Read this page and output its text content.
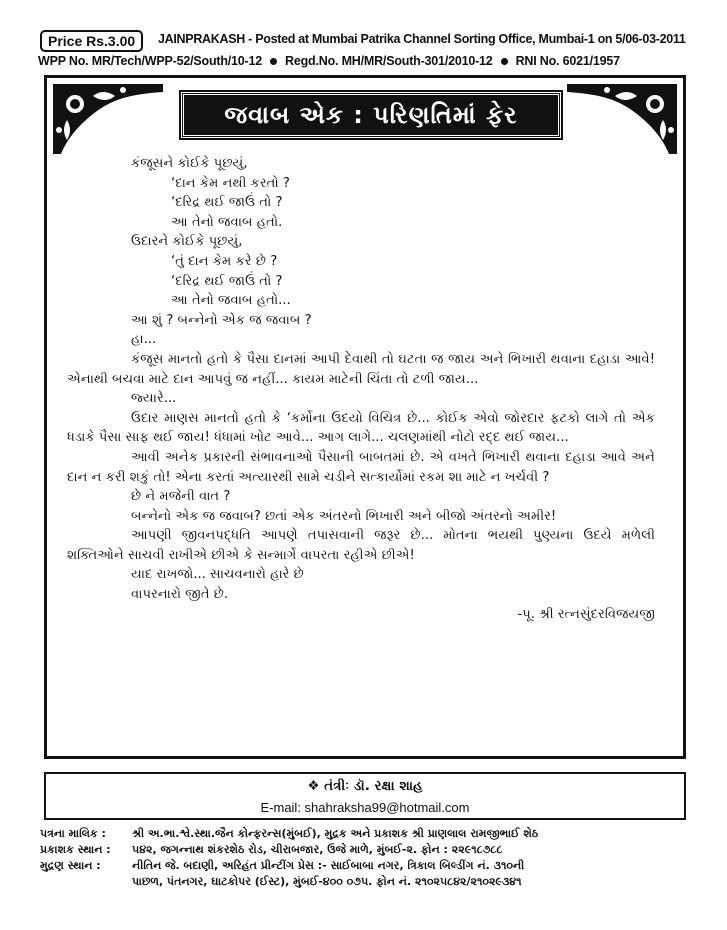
Price Rs.3.00	JAINPRAKASH - Posted at Mumbai Patrika Channel Sorting Office, Mumbai-1 on 5/06-03-2011
WPP No. MR/Tech/WPP-52/South/10-12 Regd.No. MH/MR/South-301/2010-12 RNI No. 6021/1957
જવાબ એક : પરિણતિમાં ફેર

કંજૂસને કોઈકે પૂછયું,

‘દાન કેમ નથી કરતો ?

‘દરિદ્ર થઈ જાઉં તો ?

આ તેનો જવાબ હતો.

ઉદારને કોઈકે પૂછયું,

‘તું દાન કેમ કરે છે ?

‘દરિદ્ર થઈ જાઉં તો ?

આ તેનો જવાબ હતો...

આ શું ? બન્નેનો એક જ જવાબ ?

હા...

કંજૂસ માનતો હતો કે પૈસા દાનમાં આપી દેવાથી તો ઘટતા જ જાય અને ભિખારી થવાના દહાડા આવે! એનાથી બચવા માટે દાન આપવું જ નહીં... કાયમ માટેની ચિંતા તો ટળી જાય...

જ્યારે...

ઉદાર માણસ માનતો હતો કે ‘કર્મોના ઉદયો વિચિત્ર છે... કોઈક એવો જોરદાર ફટકો લાગે તો એક ધડાકે પૈસા સાફ થઈ જાય! ધંધામાં ખોટ આવે... આગ લાગે... ચલણમાંથી નોટો રદ્દ થઈ જાય...

આવી અનેક પ્રકારની સંભાવનાઓ પૈસાની બાબતમાં છે. એ વખતે ભિખારી થવાના દહાડા આવે અને દાન ન કરી શકું તો! એના કરતાં અત્યારથી સામે ચડીને સત્કાર્યોમાં રકમ શા માટે ન ખર્ચવી ?

છે ને મજેની વાત ?

બન્નેનો એક જ જવાબ? છતાં એક અંતરનો ભિખારી અને બીજો અંતરનો અમીર!

આપણી જીવનપદ્ધતિ આપણે તપાસવાની જરૂર છે... મોતના ભયથી પુણ્યના ઉદયે મળેલી શક્તિઓને સાચવી રાખીએ છીએ કે સન્માર્ગે વાપરતા રહીએ છીએ!

યાદ રાખજો... સાચવનારો હારે છે

વાપરનારો જીતે છે.

-પૂ. શ્રી રત્નસુંદરવિજયજી

❖ તંત્રીઃ ડૉ. રક્ષા શાહ
E-mail: shahraksha99@hotmail.com
પત્રના માલિક :	શ્રી અ.ભા.શ્વે.સ્થા.જૈન કોન્ફરન્સ(મુંબઈ), મુદ્રક અને પ્રકાશક શ્રી પ્રાણલાલ રામજીભાઈ શેઠ
પ્રકાશક સ્થાન :	૫૪૨, જગન્નાથ શંકરશેઠ રોડ, ચીરાબજાર, ઉજે માળે, મુંબઈ-૨. ફોન : ૨૨૯૧૮૭૮૮
મુદ્રણ સ્થાન :	નીતિન જે. બદાણી, અરિહંત પ્રીન્ટીંગ પ્રેસ :- સાઈબાબા નગર, ત્રિકાલ બિલ્ડીંગ નં. ૩૧૦ની
પાછળ, પંતનગર, ઘાટકોપર (ઈસ્ટ), મુંબઈ-૪૦૦ ૦૭૫. ફોન નં. ૨૧૦૨૫૮૪૨/૨૧૦૨૯૩૪૧
